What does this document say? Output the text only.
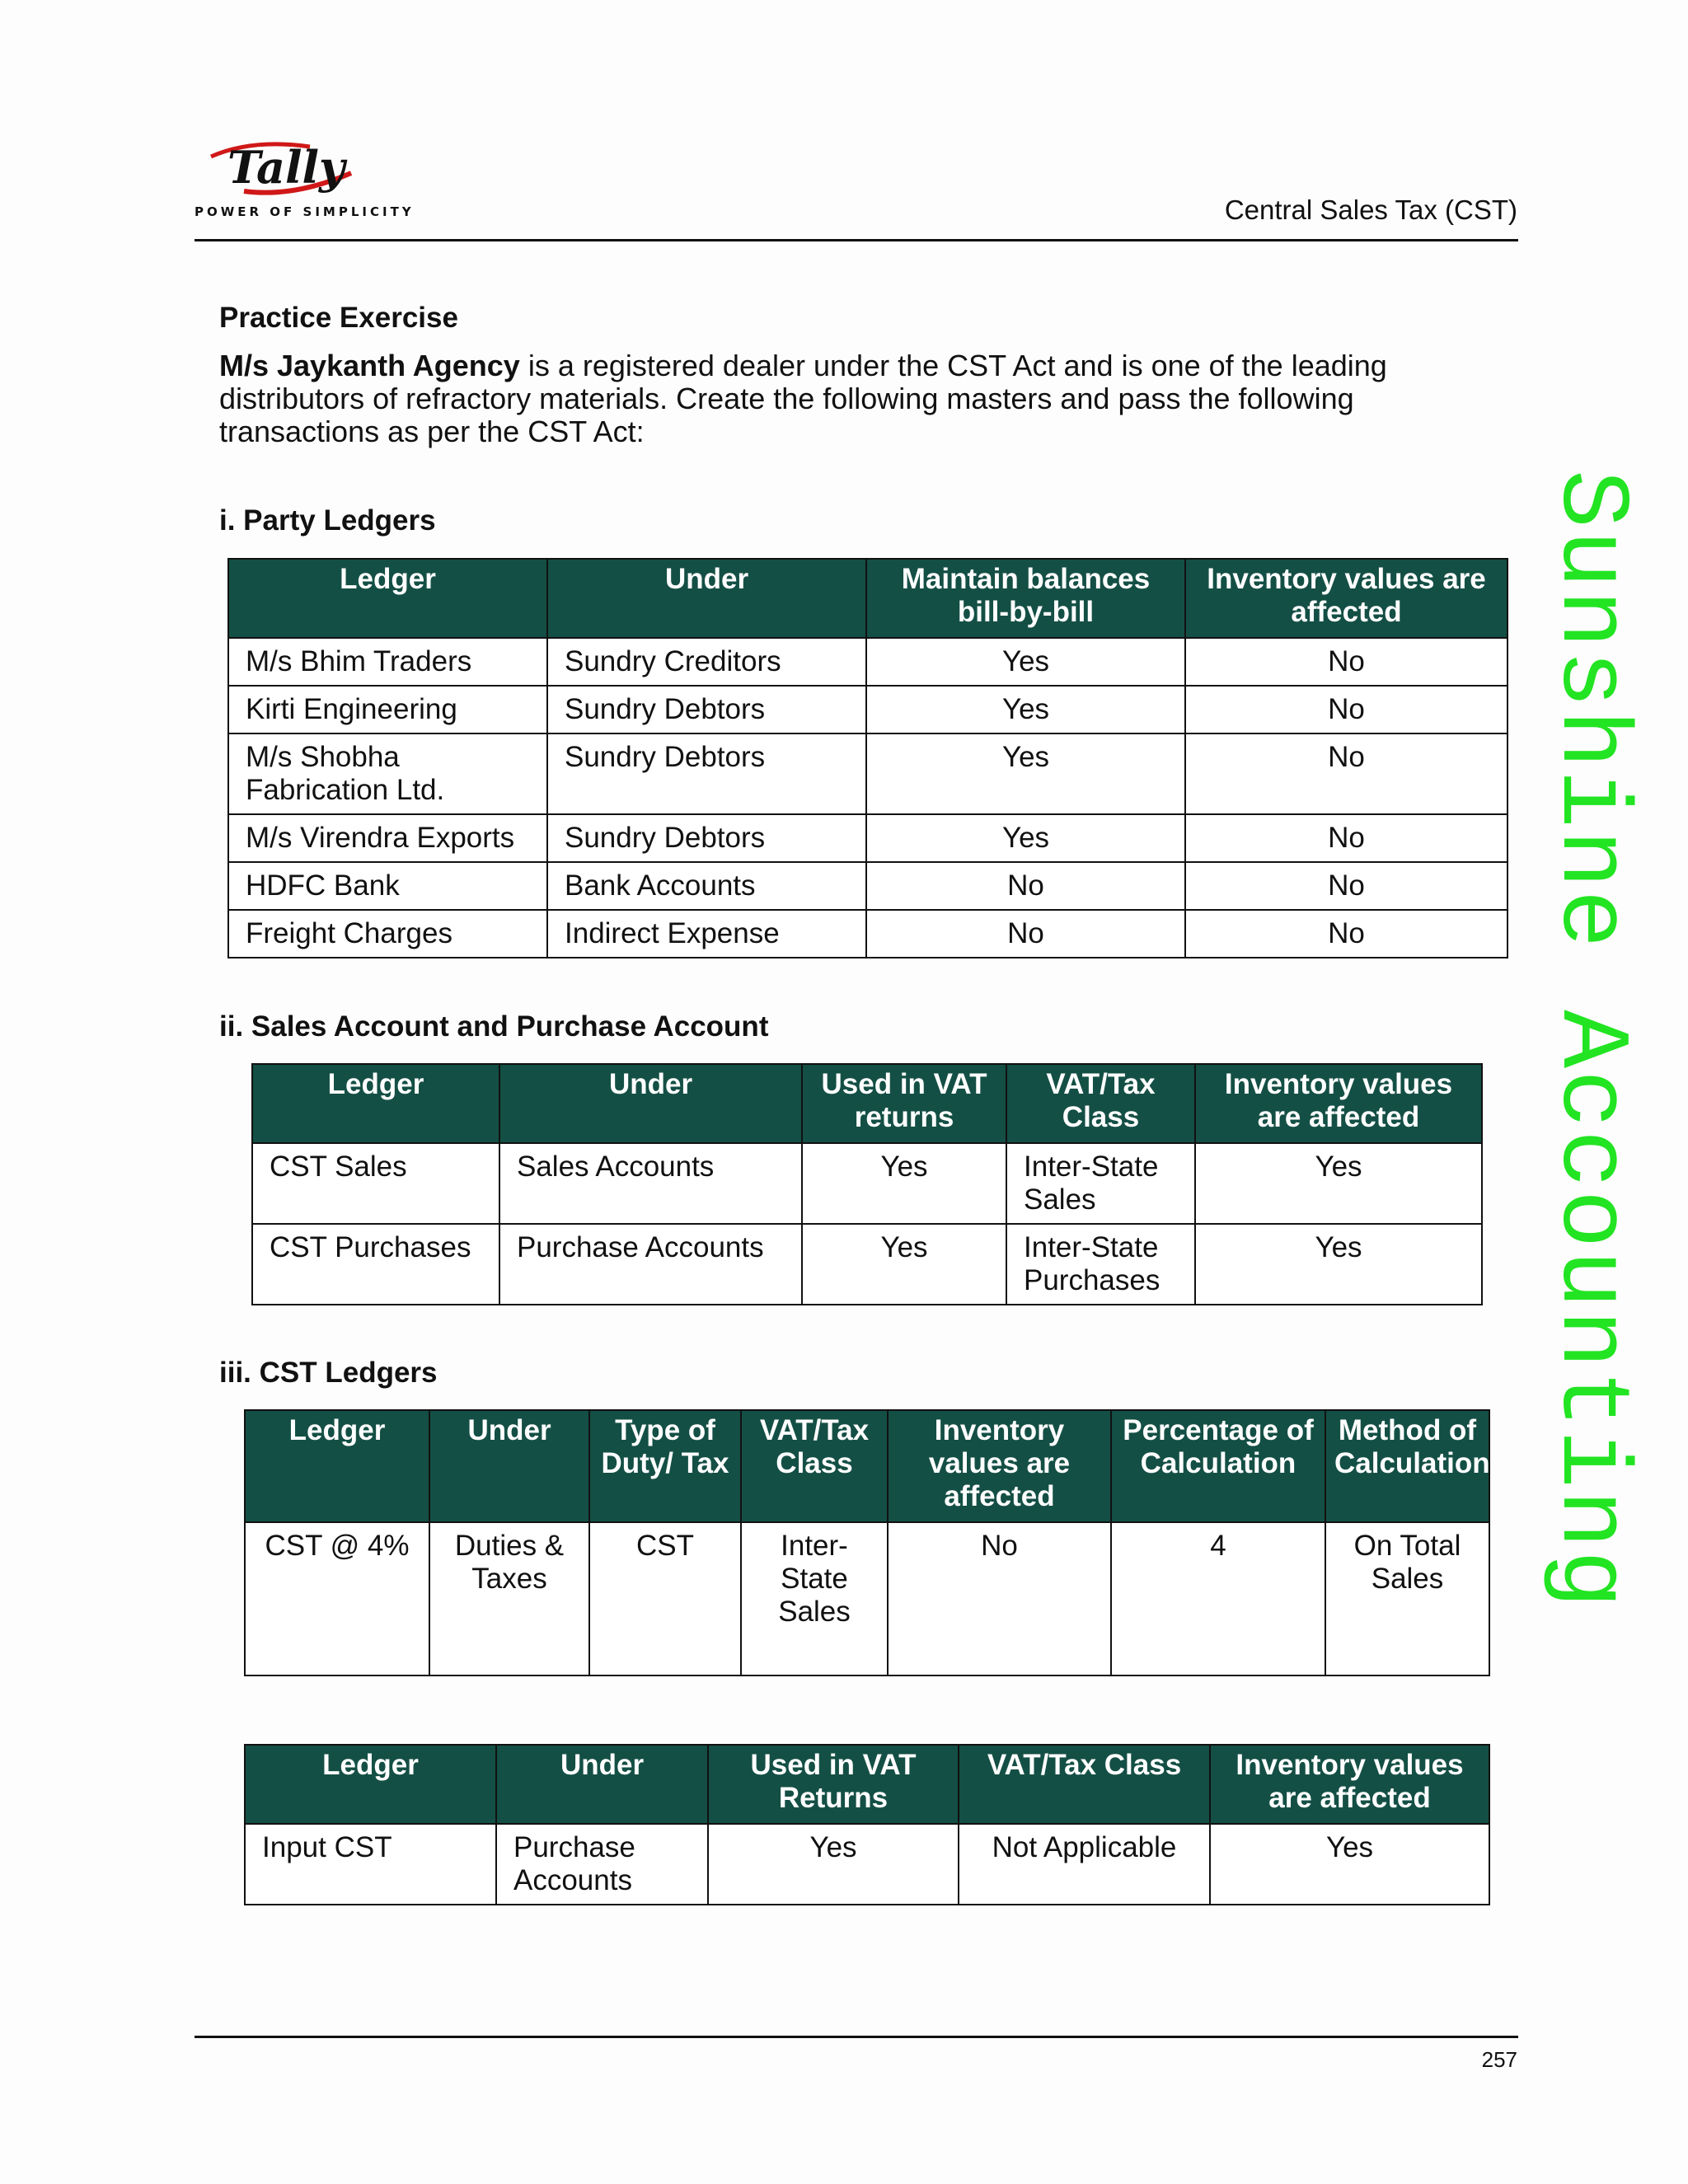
Tally
POWER OF SIMPLICITY	Central Sales Tax (CST)
Practice Exercise
M/s Jaykanth Agency is a registered dealer under the CST Act and is one of the leading distributors of refractory materials. Create the following masters and pass the following transactions as per the CST Act:
Sunshine Accounting
i. Party Ledgers
Ledger	Under	Maintain balances bill-by-bill	Inventory values are affected
M/s Bhim Traders	Sundry Creditors	Yes	No
Kirti Engineering	Sundry Debtors	Yes	No
M/s Shobha Fabrication Ltd.	Sundry Debtors	Yes	No
M/s Virendra Exports	Sundry Debtors	Yes	No
HDFC Bank	Bank Accounts	No	No
Freight Charges	Indirect Expense	No	No
ii. Sales Account and Purchase Account
Ledger	Under	Used in VAT returns	VAT/Tax Class	Inventory values are affected
CST Sales	Sales Accounts	Yes	Inter-State Sales	Yes
CST Purchases	Purchase Accounts	Yes	Inter-State Purchases	Yes
iii. CST Ledgers
Ledger	Under	Type of Duty/ Tax	VAT/Tax Class	Inventory values are affected	Percentage of Calculation	Method of Calculation
CST @ 4%	Duties & Taxes	CST	Inter-State Sales	No	4	On Total Sales
Ledger	Under	Used in VAT Returns	VAT/Tax Class	Inventory values are affected
Input CST	Purchase Accounts	Yes	Not Applicable	Yes
257
